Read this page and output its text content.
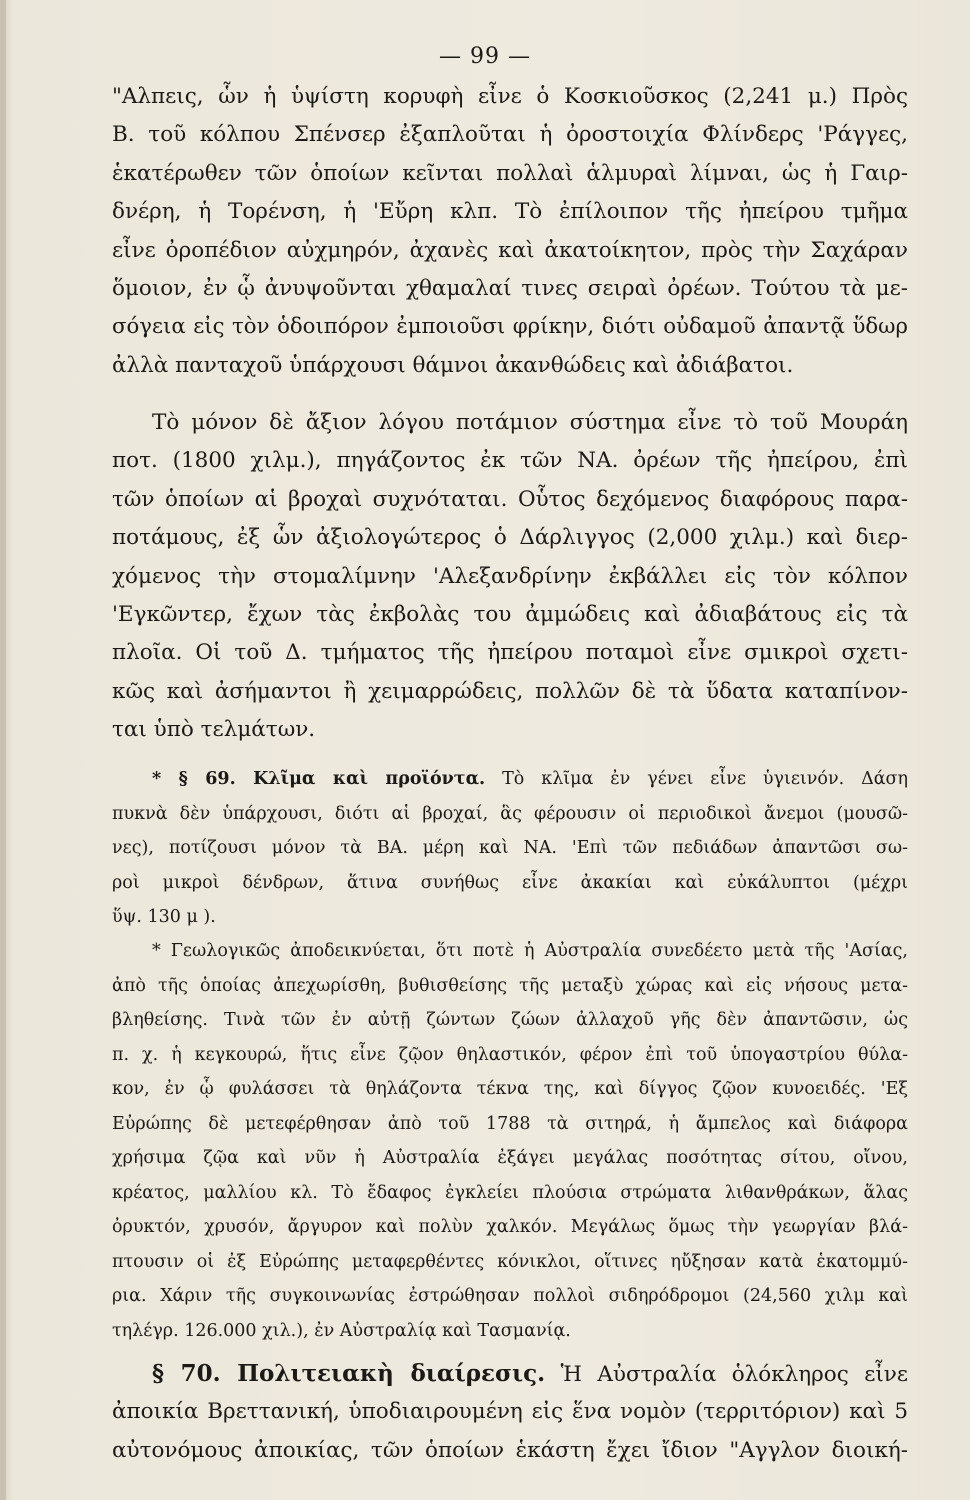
— 99 —
"Αλπεις, ὧν ἡ ὑψίστη κορυφὴ εἶνε ὁ Κοσκιοῦσκος (2,241 μ.) Πρὸς
Β. τοῦ κόλπου Σπένσερ ἐξαπλοῦται ἡ ὀροστοιχία Φλίνδερς 'Ράγγες,
ἑκατέρωθεν τῶν ὁποίων κεῖνται πολλαὶ ἁλμυραὶ λίμναι, ὡς ἡ Γαιρ-
δνέρη, ἡ Τορένση, ἡ 'Εὔρη κλπ. Τὸ ἐπίλοιπον τῆς ἠπείρου τμῆμα
εἶνε ὀροπέδιον αὐχμηρόν, ἀχανὲς καὶ ἀκατοίκητον, πρὸς τὴν Σαχάραν
ὅμοιον, ἐν ᾧ ἀνυψοῦνται χθαμαλαί τινες σειραὶ ὀρέων. Τούτου τὰ με-
σόγεια εἰς τὸν ὁδοιπόρον ἐμποιοῦσι φρίκην, διότι οὐδαμοῦ ἀπαντᾷ ὕδωρ
ἀλλὰ πανταχοῦ ὑπάρχουσι θάμνοι ἀκανθώδεις καὶ ἀδιάβατοι.
Τὸ μόνον δὲ ἄξιον λόγου ποτάμιον σύστημα εἶνε τὸ τοῦ Μουράη
ποτ. (1800 χιλμ.), πηγάζοντος ἐκ τῶν ΝΑ. ὀρέων τῆς ἠπείρου, ἐπὶ
τῶν ὁποίων αἱ βροχαὶ συχνόταται. Οὗτος δεχόμενος διαφόρους παρα-
ποτάμους, ἐξ ὧν ἀξιολογώτερος ὁ Δάρλιγγος (2,000 χιλμ.) καὶ διερ-
χόμενος τὴν στομαλίμνην 'Αλεξανδρίνην ἐκβάλλει εἰς τὸν κόλπον
'Εγκῶντερ, ἔχων τὰς ἐκβολὰς του ἀμμώδεις καὶ ἀδιαβάτους εἰς τὰ
πλοῖα. Οἱ τοῦ Δ. τμήματος τῆς ἠπείρου ποταμοὶ εἶνε σμικροὶ σχετι-
κῶς καὶ ἀσήμαντοι ἢ χειμαρρώδεις, πολλῶν δὲ τὰ ὕδατα καταπίνον-
ται ὑπὸ τελμάτων.
* § 69. Κλῖμα καὶ προϊόντα. Τὸ κλῖμα ἐν γένει εἶνε ὑγιεινόν. Δάση
πυκνὰ δὲν ὑπάρχουσι, διότι αἱ βροχαί, ἃς φέρουσιν οἱ περιοδικοὶ ἄνεμοι (μουσῶ-
νες), ποτίζουσι μόνον τὰ ΒΑ. μέρη καὶ ΝΑ. 'Επὶ τῶν πεδιάδων ἀπαντῶσι σω-
ροὶ μικροὶ δένδρων, ἅτινα συνήθως εἶνε ἀκακίαι καὶ εὐκάλυπτοι (μέχρι
ὕψ. 130 μ ).
* Γεωλογικῶς ἀποδεικνύεται, ὅτι ποτὲ ἡ Αὐστραλία συνεδέετο μετὰ τῆς 'Ασίας,
ἀπὸ τῆς ὁποίας ἀπεχωρίσθη, βυθισθείσης τῆς μεταξὺ χώρας καὶ εἰς νήσους μετα-
βληθείσης. Τινὰ τῶν ἐν αὐτῇ ζώντων ζώων ἀλλαχοῦ γῆς δὲν ἀπαντῶσιν, ὡς
π. χ. ἡ κεγκουρώ, ἥτις εἶνε ζῷον θηλαστικόν, φέρον ἐπὶ τοῦ ὑπογαστρίου θύλα-
κον, ἐν ᾧ φυλάσσει τὰ θηλάζοντα τέκνα της, καὶ δίγγος ζῷον κυνοειδές. 'Εξ
Εὐρώπης δὲ μετεφέρθησαν ἀπὸ τοῦ 1788 τὰ σιτηρά, ἡ ἄμπελος καὶ διάφορα
χρήσιμα ζῷα καὶ νῦν ἡ Αὐστραλία ἐξάγει μεγάλας ποσότητας σίτου, οἴνου,
κρέατος, μαλλίου κλ. Τὸ ἔδαφος ἐγκλείει πλούσια στρώματα λιθανθράκων, ἅλας
ὀρυκτόν, χρυσόν, ἄργυρον καὶ πολὺν χαλκόν. Μεγάλως ὅμως τὴν γεωργίαν βλά-
πτουσιν οἱ ἐξ Εὐρώπης μεταφερθέντες κόνικλοι, οἵτινες ηὔξησαν κατὰ ἑκατομμύ-
ρια. Χάριν τῆς συγκοινωνίας ἐστρώθησαν πολλοὶ σιδηρόδρομοι (24,560 χιλμ καὶ
τηλέγρ. 126.000 χιλ.), ἐν Αὐστραλίᾳ καὶ Τασμανίᾳ.
§ 70. Πολιτειακὴ διαίρεσις. Ἡ Αὐστραλία ὁλόκληρος εἶνε
ἀποικία Βρεττανική, ὑποδιαιρουμένη εἰς ἕνα νομὸν (τερριτόριον) καὶ 5
αὐτονόμους ἀποικίας, τῶν ὁποίων ἑκάστη ἔχει ἴδιον "Αγγλον διοική-
